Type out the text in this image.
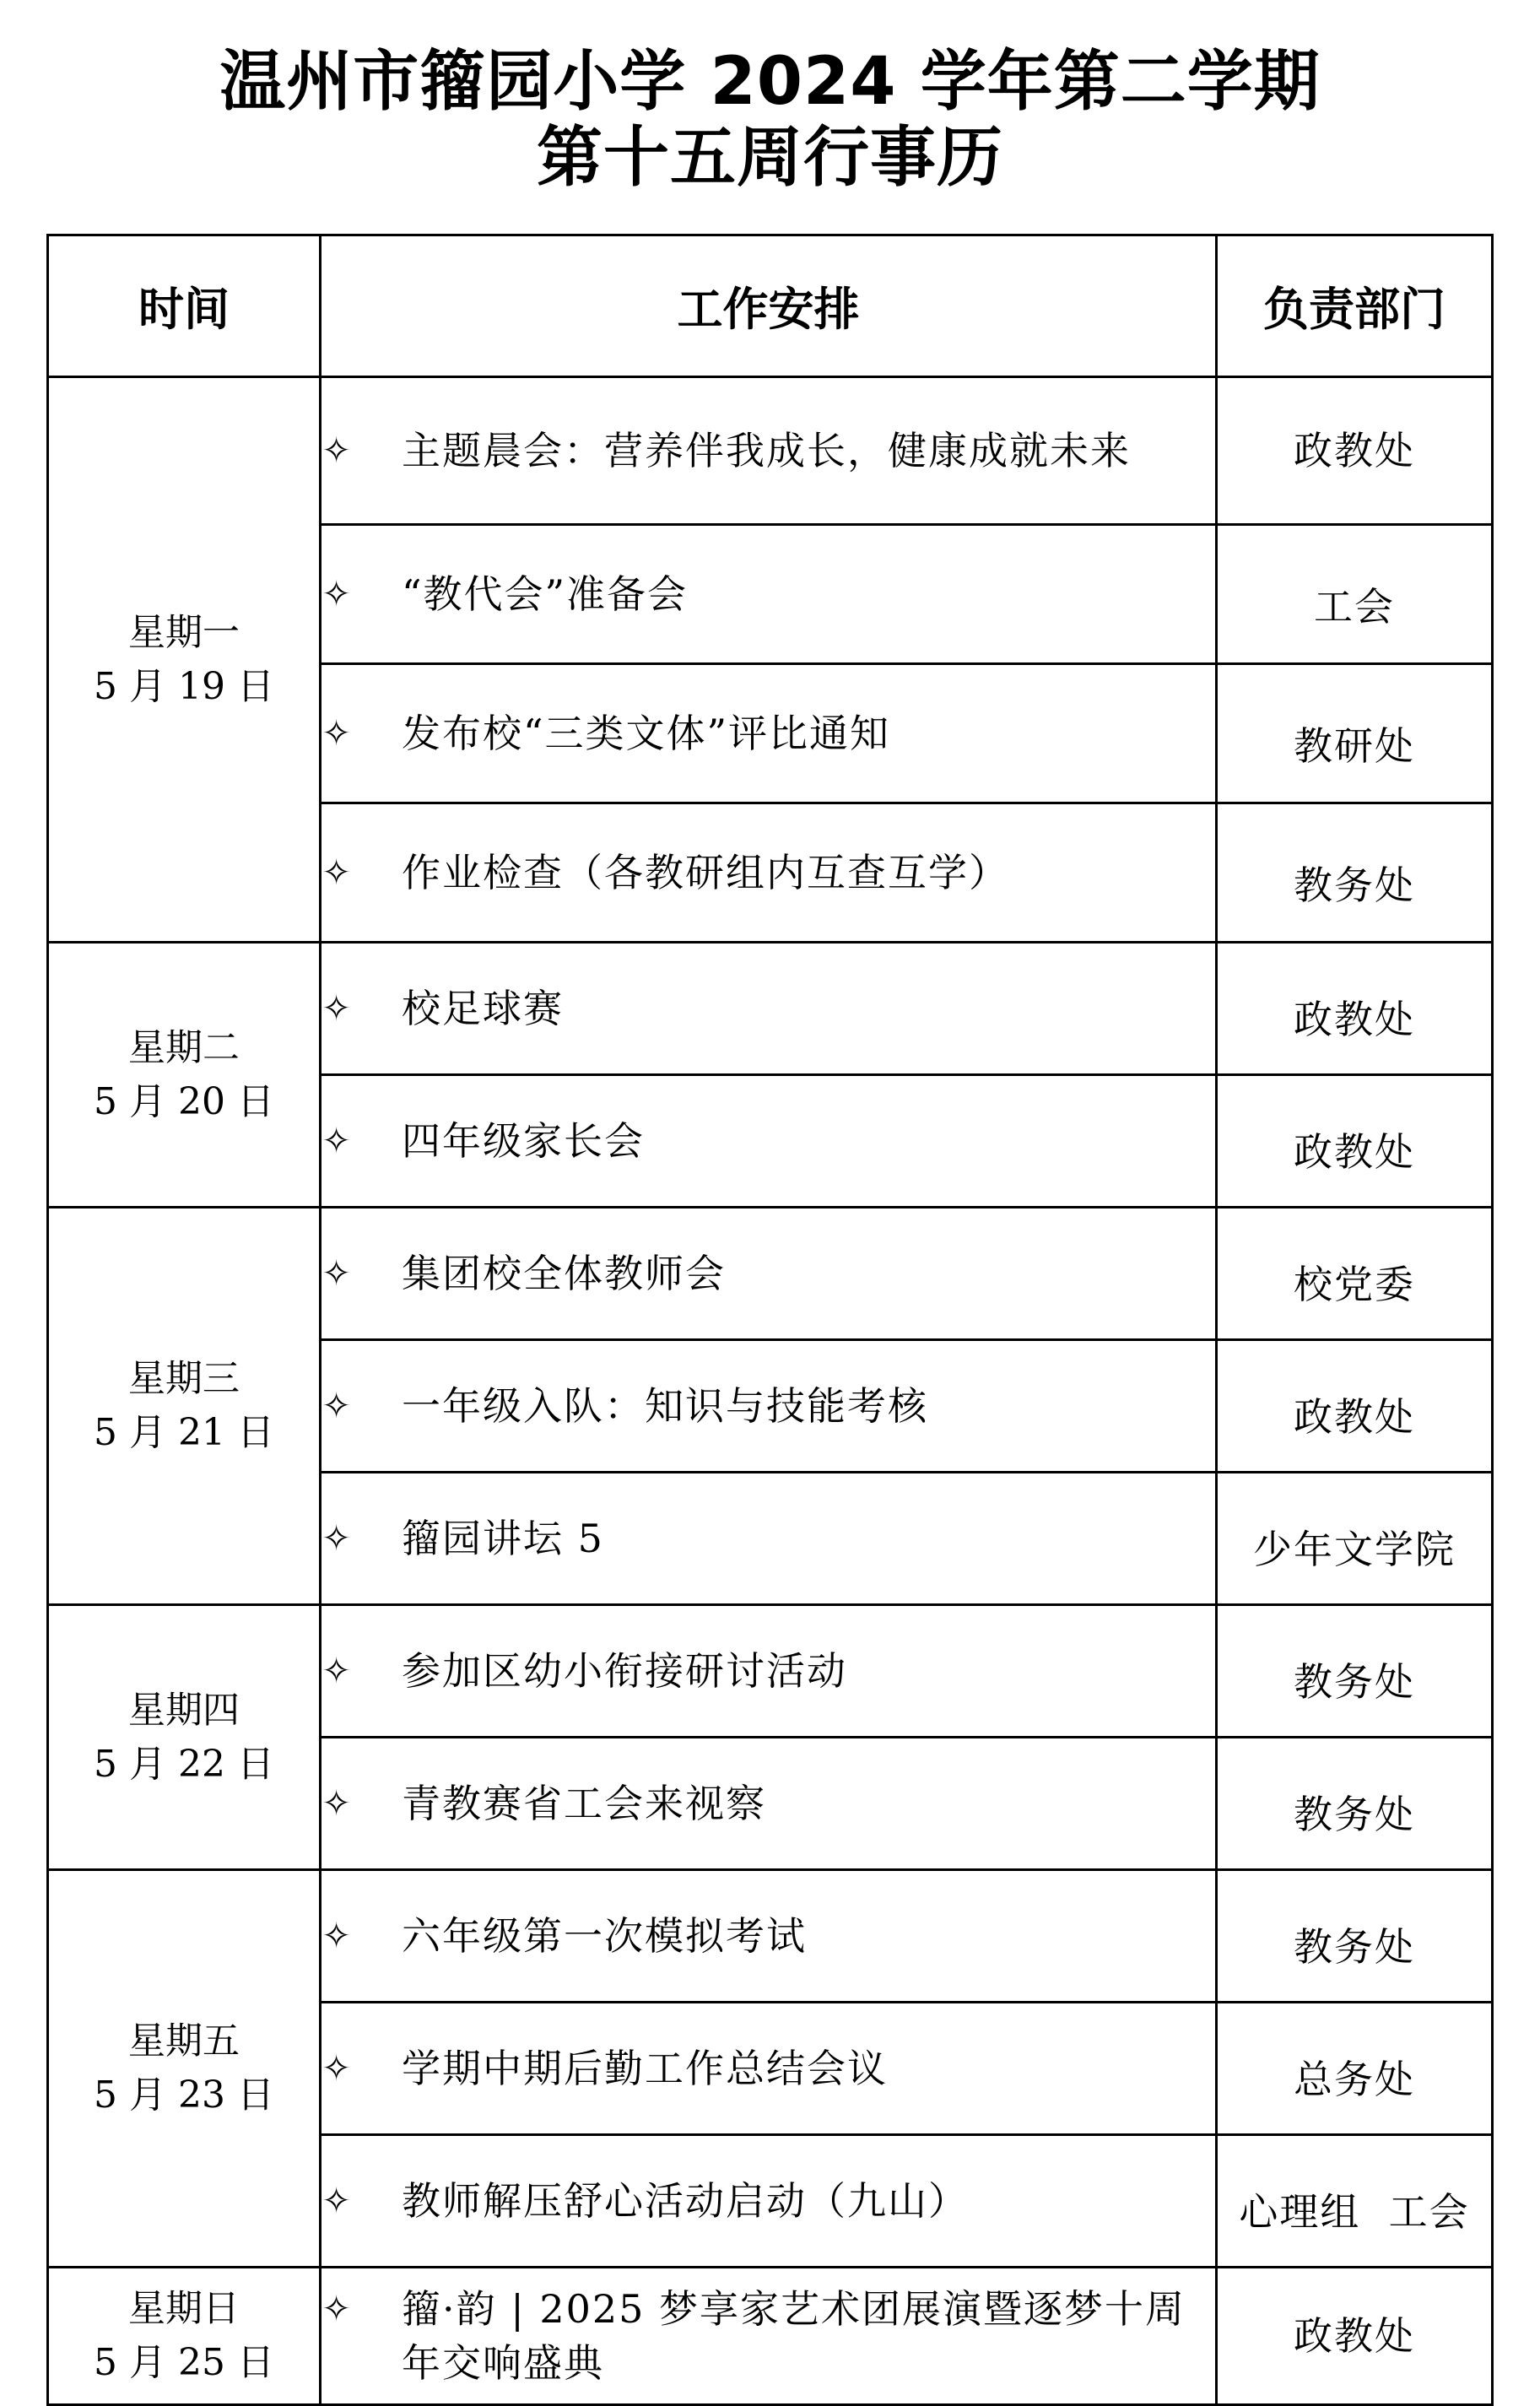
温州市籀园小学 2024 学年第二学期
第十五周行事历
时间	工作安排	负责部门

星期一
5 月 19 日	✧ 主题晨会：营养伴我成长，健康成就未来	政教处

	✧ “教代会”准备会	工会

	✧ 发布校“三类文体”评比通知	教研处

	✧ 作业检查（各教研组内互查互学）	教务处

星期二
5 月 20 日	✧ 校足球赛	政教处

	✧ 四年级家长会	政教处

星期三
5 月 21 日	✧ 集团校全体教师会	校党委

	✧ 一年级入队：知识与技能考核	政教处

	✧ 籀园讲坛 5	少年文学院

星期四
5 月 22 日	✧ 参加区幼小衔接研讨活动	教务处

	✧ 青教赛省工会来视察	教务处

星期五
5 月 23 日	✧ 六年级第一次模拟考试	教务处

	✧ 学期中期后勤工作总结会议	总务处

	✧ 教师解压舒心活动启动（九山）	心理组  工会

星期日
5 月 25 日	✧ 籀·韵 | 2025 梦享家艺术团展演暨逐梦十周年交响盛典	政教处
